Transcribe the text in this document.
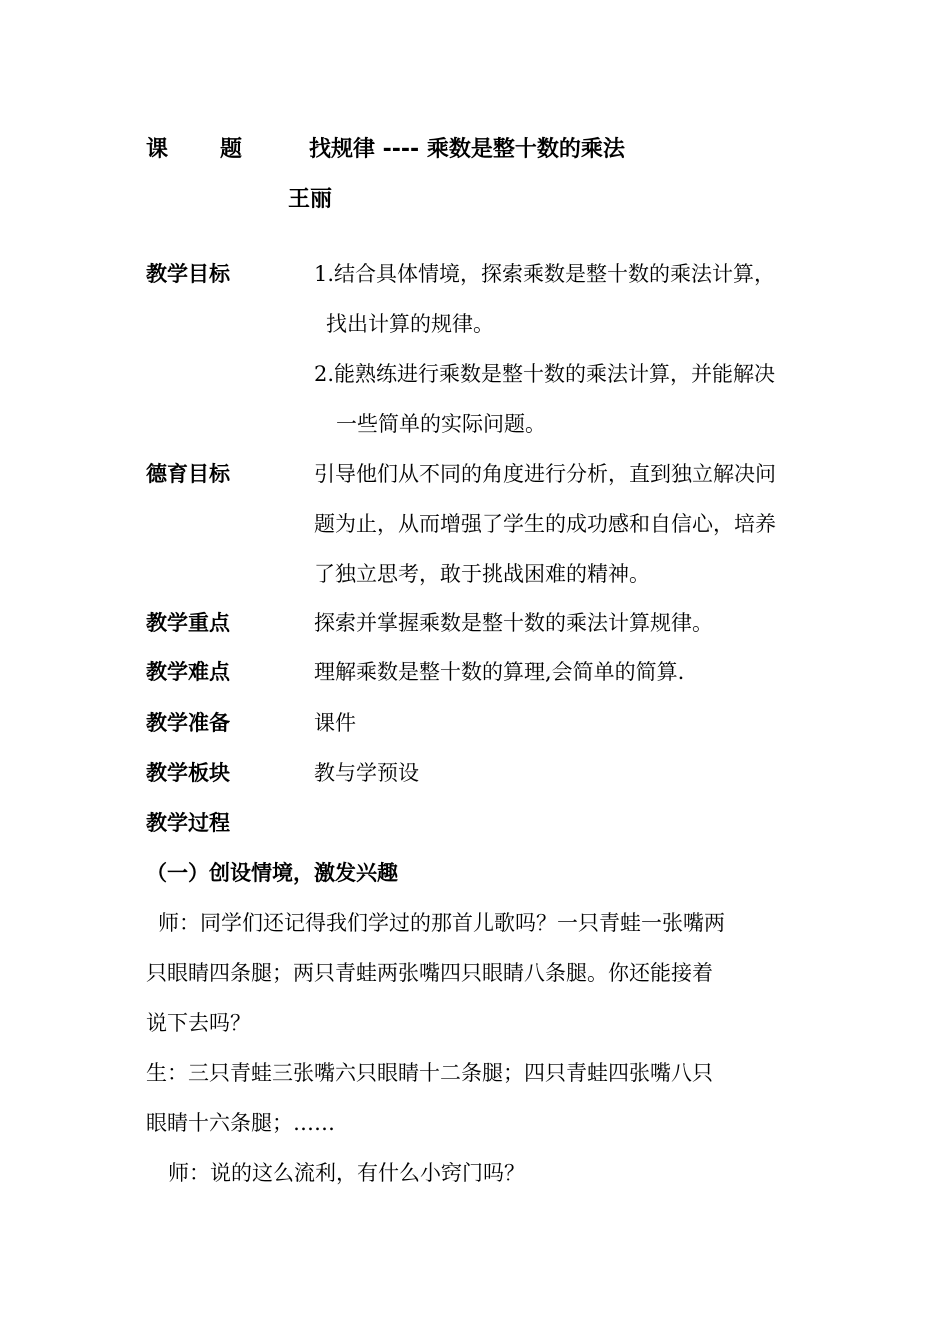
课 题	找规律 ---- 乘数是整十数的乘法
王丽
教学目标	1.结合具体情境，探索乘数是整十数的乘法计算，
找出计算的规律。
2.能熟练进行乘数是整十数的乘法计算，并能解决
一些简单的实际问题。
德育目标	引导他们从不同的角度进行分析，直到独立解决问
题为止，从而增强了学生的成功感和自信心，培养
了独立思考，敢于挑战困难的精神。
教学重点	探索并掌握乘数是整十数的乘法计算规律。
教学难点	理解乘数是整十数的算理,会简单的简算.
教学准备	课件
教学板块	教与学预设
教学过程
（一）创设情境，激发兴趣
师：同学们还记得我们学过的那首儿歌吗？一只青蛙一张嘴两
只眼睛四条腿；两只青蛙两张嘴四只眼睛八条腿。你还能接着
说下去吗？
生：三只青蛙三张嘴六只眼睛十二条腿；四只青蛙四张嘴八只
眼睛十六条腿；……
师：说的这么流利，有什么小窍门吗？
